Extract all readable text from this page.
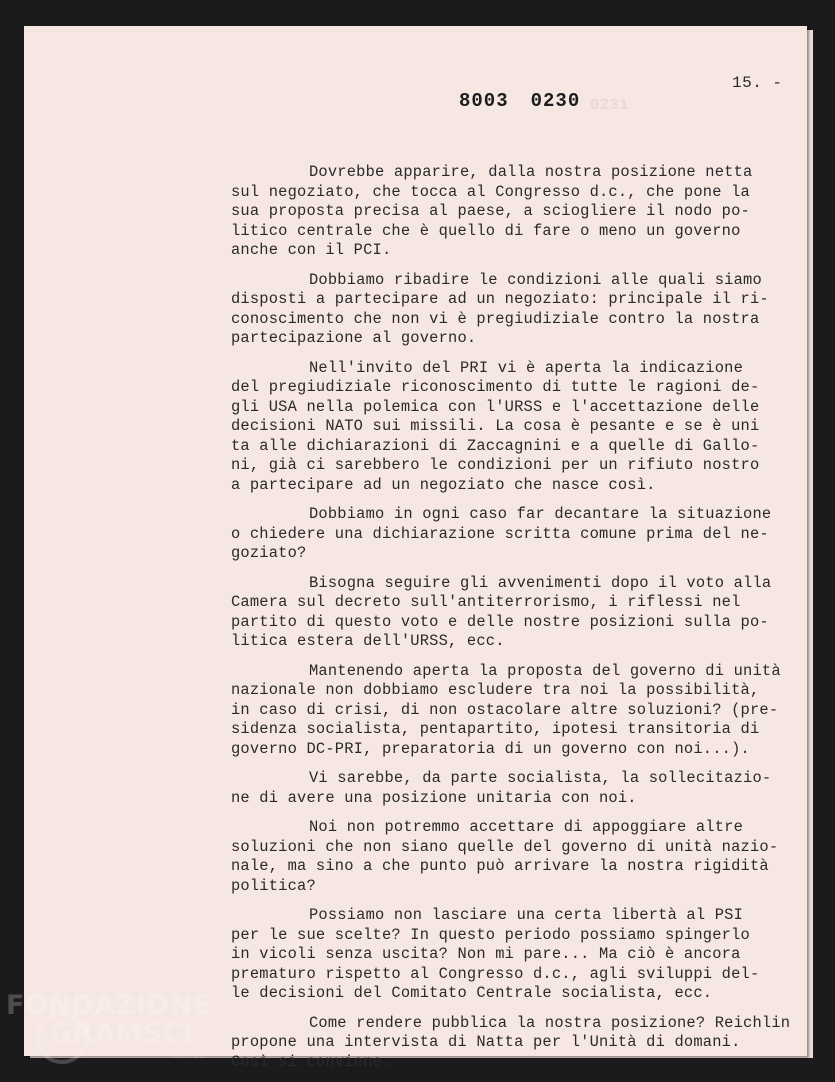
0231
15. -
8003 0230
Dovrebbe apparire, dalla nostra posizione netta
sul negoziato, che tocca al Congresso d.c., che pone la
sua proposta precisa al paese, a sciogliere il nodo po-
litico centrale che è quello di fare o meno un governo
anche con il PCI.
Dobbiamo ribadire le condizioni alle quali siamo
disposti a partecipare ad un negoziato: principale il ri-
conoscimento che non vi è pregiudiziale contro la nostra
partecipazione al governo.
Nell'invito del PRI vi è aperta la indicazione
del pregiudiziale riconoscimento di tutte le ragioni de-
gli USA nella polemica con l'URSS e l'accettazione delle
decisioni NATO sui missili. La cosa è pesante e se è uni
ta alle dichiarazioni di Zaccagnini e a quelle di Gallo-
ni, già ci sarebbero le condizioni per un rifiuto nostro
a partecipare ad un negoziato che nasce così.
Dobbiamo in ogni caso far decantare la situazione
o chiedere una dichiarazione scritta comune prima del ne-
goziato?
Bisogna seguire gli avvenimenti dopo il voto alla
Camera sul decreto sull'antiterrorismo, i riflessi nel
partito di questo voto e delle nostre posizioni sulla po-
litica estera dell'URSS, ecc.
Mantenendo aperta la proposta del governo di unità
nazionale non dobbiamo escludere tra noi la possibilità,
in caso di crisi, di non ostacolare altre soluzioni? (pre-
sidenza socialista, pentapartito, ipotesi transitoria di
governo DC-PRI, preparatoria di un governo con noi...).
Vi sarebbe, da parte socialista, la sollecitazio-
ne di avere una posizione unitaria con noi.
Noi non potremmo accettare di appoggiare altre
soluzioni che non siano quelle del governo di unità nazio-
nale, ma sino a che punto può arrivare la nostra rigidità
politica?
Possiamo non lasciare una certa libertà al PSI
per le sue scelte? In questo periodo possiamo spingerlo
in vicoli senza uscita? Non mi pare... Ma ciò è ancora
prematuro rispetto al Congresso d.c., agli sviluppi del-
le decisioni del Comitato Centrale socialista, ecc.
Come rendere pubblica la nostra posizione? Reichlin
propone una intervista di Natta per l'Unità di domani.
Così si conviene.
FONDAZIONE
GRAMSCI
onlus
